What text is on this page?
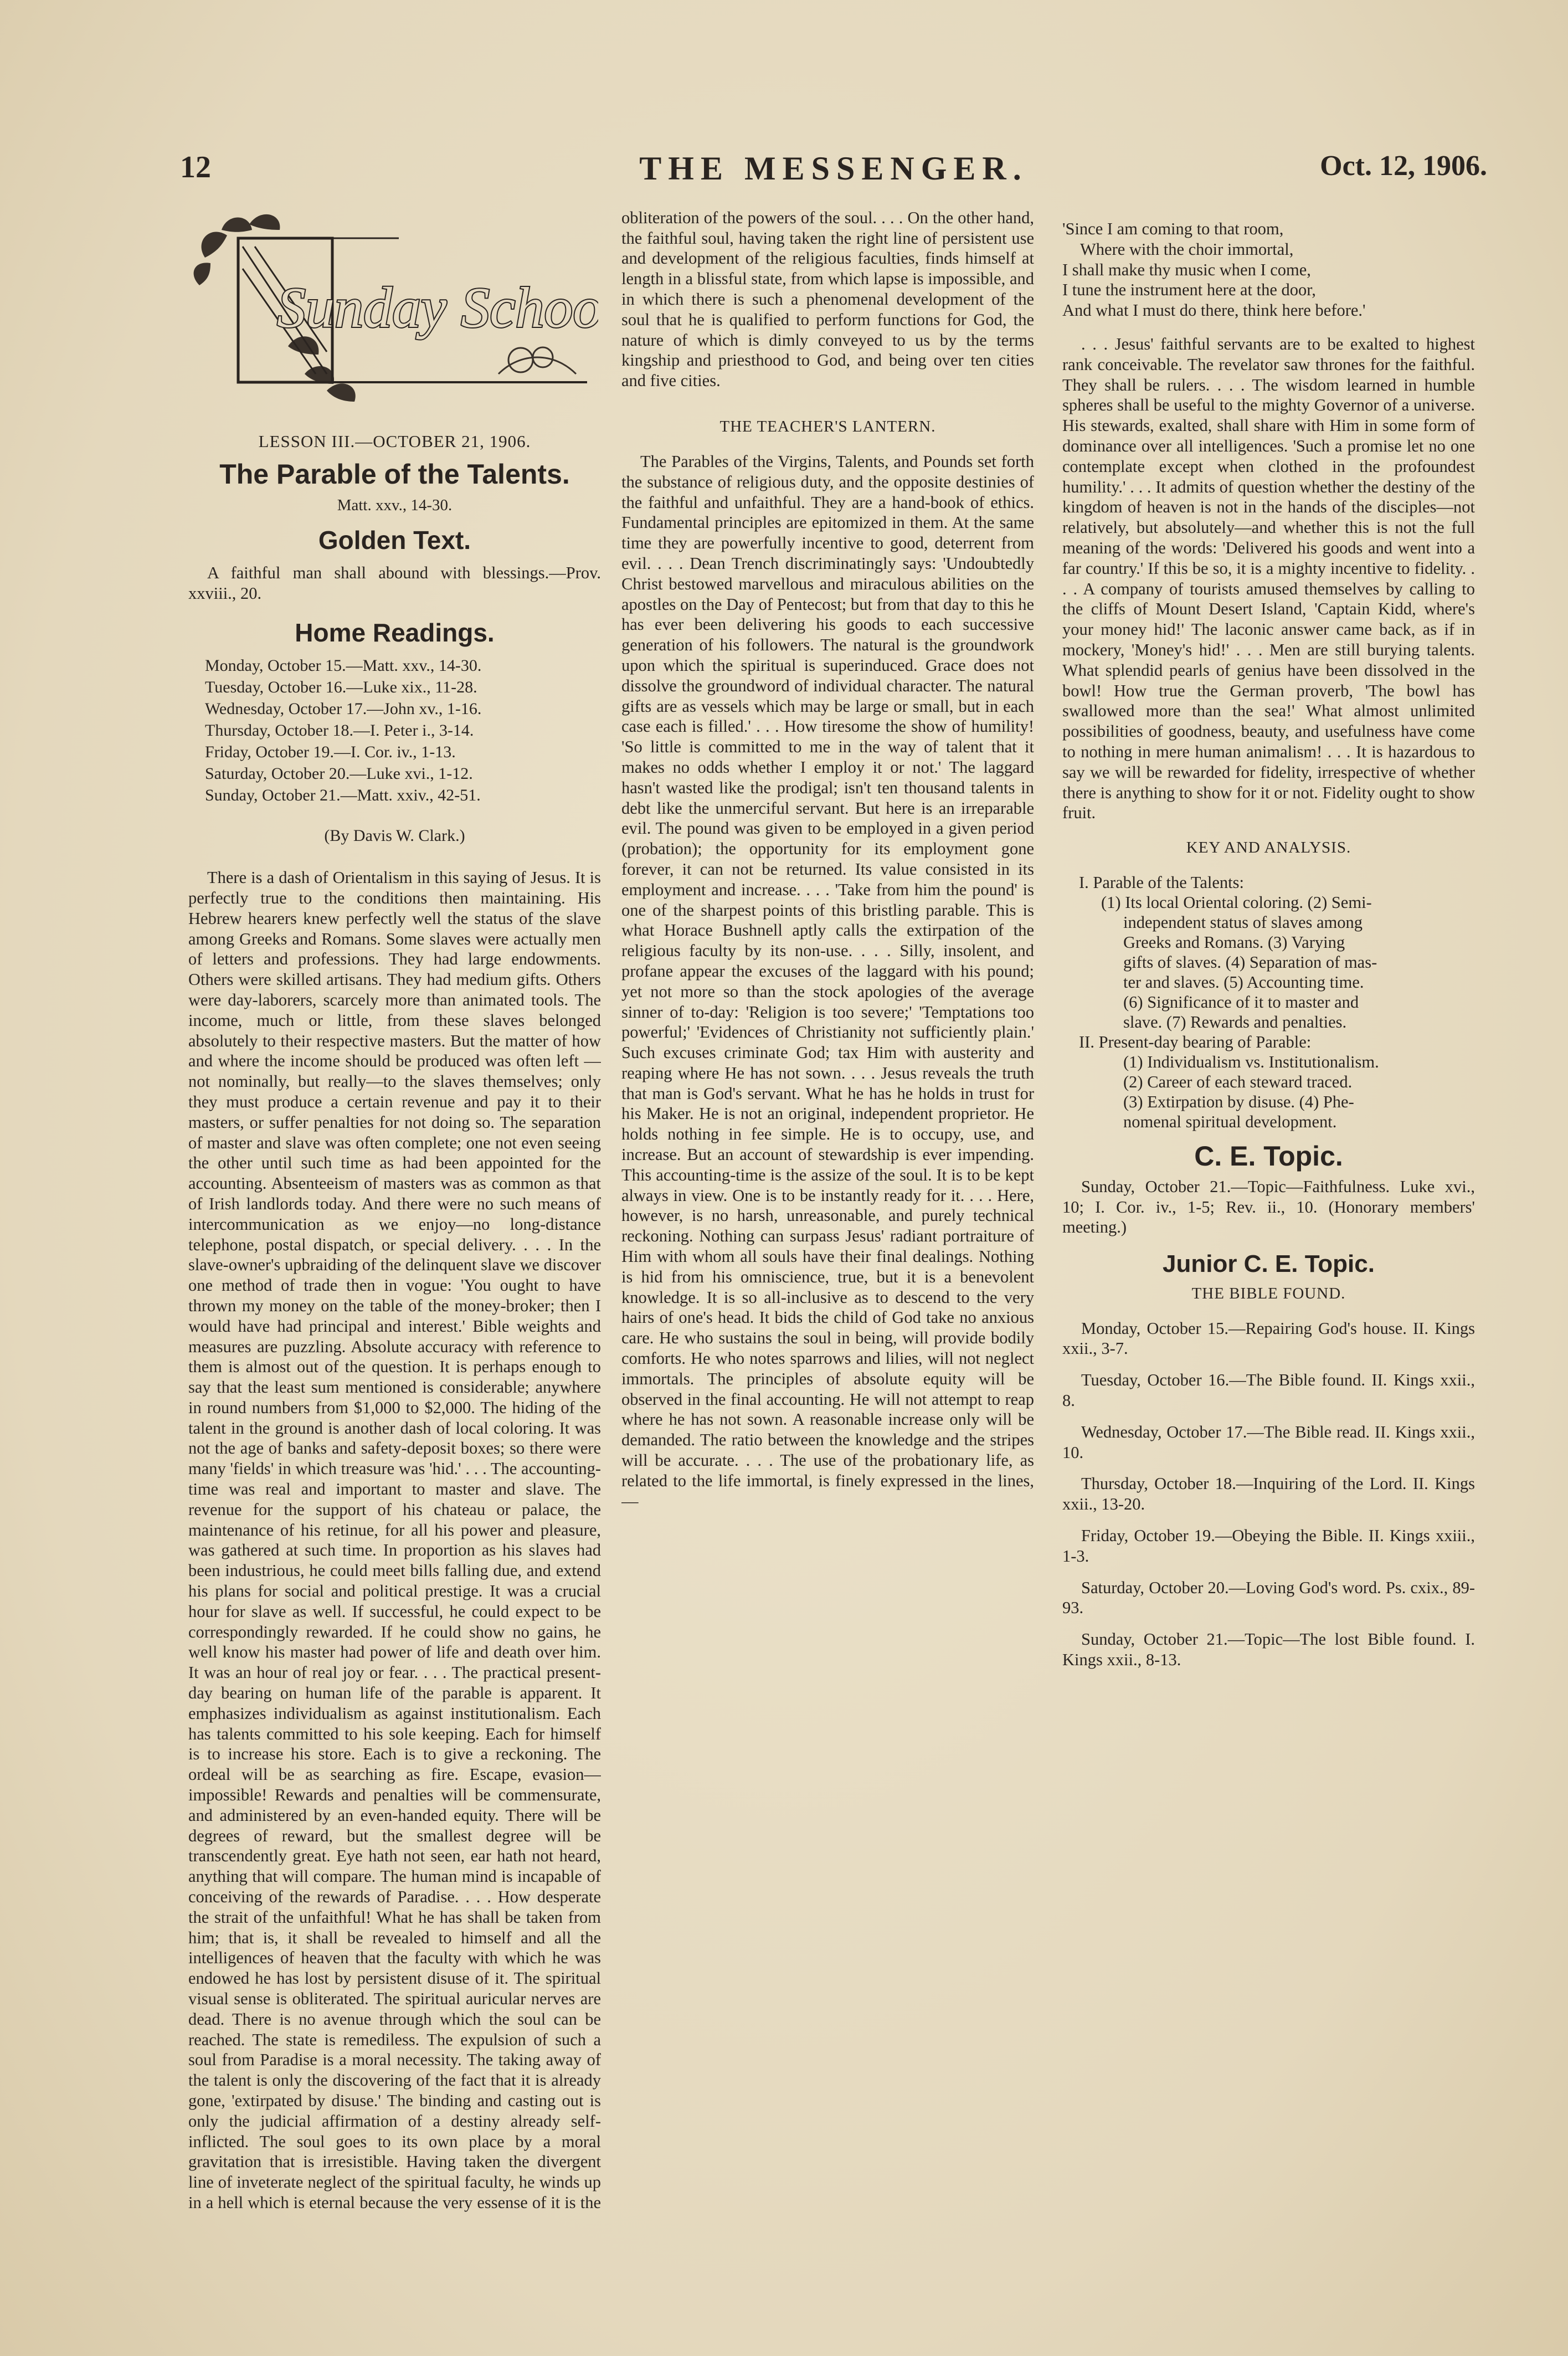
12	THE MESSENGER.	Oct. 12, 1906.
Sunday School
LESSON III.—OCTOBER 21, 1906.
The Parable of the Talents.
Matt. xxv., 14-30.
Golden Text.

A faithful man shall abound with blessings.—Prov. xxviii., 20.

Home Readings.
Monday, October 15.—Matt. xxv., 14-30.
Tuesday, October 16.—Luke xix., 11-28.
Wednesday, October 17.—John xv., 1-16.
Thursday, October 18.—I. Peter i., 3-14.
Friday, October 19.—I. Cor. iv., 1-13.
Saturday, October 20.—Luke xvi., 1-12.
Sunday, October 21.—Matt. xxiv., 42-51.
(By Davis W. Clark.)

There is a dash of Orientalism in this saying of Jesus. It is perfectly true to the conditions then maintaining. His Hebrew hearers knew perfectly well the status of the slave among Greeks and Romans. Some slaves were actually men of letters and professions. They had large endowments. Others were skilled artisans. They had medium gifts. Others were day-laborers, scarcely more than animated tools. The income, much or little, from these slaves belonged absolutely to their respective masters. But the matter of how and where the income should be produced was often left —not nominally, but really—to the slaves themselves; only they must produce a certain revenue and pay it to their masters, or suffer penalties for not doing so. The separation of master and slave was often complete; one not even seeing the other until such time as had been appointed for the accounting. Absenteeism of masters was as common as that of Irish landlords today. And there were no such means of intercommunication as we enjoy—no long-distance telephone, postal dispatch, or special delivery. . . . In the slave-owner's upbraiding of the delinquent slave we discover one method of trade then in vogue: 'You ought to have thrown my money on the table of the money-broker; then I would have had principal and interest.' Bible weights and measures are puzzling. Absolute accuracy with reference to them is almost out of the question. It is perhaps enough to say that the least sum mentioned is considerable; anywhere in round numbers from $1,000 to $2,000. The hiding of the talent in the ground is another dash of local coloring. It was not the age of banks and safety-deposit boxes; so there were many 'fields' in which treasure was 'hid.' . . . The accounting-time was real and important to master and slave. The revenue for the support of his chateau or palace, the maintenance of his retinue, for all his power and pleasure, was gathered at such time. In proportion as his slaves had been industrious, he could meet bills falling due, and extend his plans for social and political prestige. It was a crucial hour for slave as well. If successful, he could expect to be correspondingly rewarded. If he could show no gains, he well know his master had power of life and death over him. It was an hour of real joy or fear. . . . The practical present-day bearing on human life of the parable is apparent. It emphasizes individualism as against institutionalism. Each has talents committed to his sole keeping. Each for himself is to increase his store. Each is to give a reckoning. The ordeal will be as searching as fire. Escape, evasion—impossible! Rewards and penalties will be commensurate, and administered by an even-handed equity. There will be degrees of reward, but the smallest degree will be transcendently great. Eye hath not seen, ear hath not heard, anything that will compare. The human mind is incapable of conceiving of the rewards of Paradise. . . . How desperate the strait of the unfaithful! What he has shall be taken from him; that is, it shall be revealed to himself and all the intelligences of heaven that the faculty with which he was endowed he has lost by persistent disuse of it. The spiritual visual sense is obliterated. The spiritual auricular nerves are dead. There is no avenue through which the soul can be reached. The state is remediless. The expulsion of such a soul from Paradise is a moral necessity. The taking away of the talent is only the discovering of the fact that it is already gone, 'extirpated by disuse.' The binding and casting out is only the judicial affirmation of a destiny already self-inflicted. The soul goes to its own place by a moral gravitation that is irresistible. Having taken the divergent line of inveterate neglect of the spiritual faculty, he winds up in a hell which is eternal because the very essense of it is the

obliteration of the powers of the soul. . . . On the other hand, the faithful soul, having taken the right line of persistent use and development of the religious faculties, finds himself at length in a blissful state, from which lapse is impossible, and in which there is such a phenomenal development of the soul that he is qualified to perform functions for God, the nature of which is dimly conveyed to us by the terms kingship and priesthood to God, and being over ten cities and five cities.

'Since I am coming to that room,
Where with the choir immortal,
I shall make thy music when I come,
I tune the instrument here at the door,
And what I must do there, think here before.'

. . . Jesus' faithful servants are to be exalted to highest rank conceivable. The revelator saw thrones for the faithful. They shall be rulers. . . . The wisdom learned in humble spheres shall be useful to the mighty Governor of a universe. His stewards, exalted, shall share with Him in some form of dominance over all intelligences. 'Such a promise let no one contemplate except when clothed in the profoundest humility.' . . . It admits of question whether the destiny of the kingdom of heaven is not in the hands of the disciples—not relatively, but absolutely—and whether this is not the full meaning of the words: 'Delivered his goods and went into a far country.' If this be so, it is a mighty incentive to fidelity. . . . A company of tourists amused themselves by calling to the cliffs of Mount Desert Island, 'Captain Kidd, where's your money hid!' The laconic answer came back, as if in mockery, 'Money's hid!' . . . Men are still burying talents. What splendid pearls of genius have been dissolved in the bowl! How true the German proverb, 'The bowl has swallowed more than the sea!' What almost unlimited possibilities of goodness, beauty, and usefulness have come to nothing in mere human animalism! . . . It is hazardous to say we will be rewarded for fidelity, irrespective of whether there is anything to show for it or not. Fidelity ought to show fruit.

KEY AND ANALYSIS.
I. Parable of the Talents:
(1) Its local Oriental coloring. (2) Semi-
independent status of slaves among
Greeks and Romans. (3) Varying
gifts of slaves. (4) Separation of mas-
ter and slaves. (5) Accounting time.
(6) Significance of it to master and
slave. (7) Rewards and penalties.
II. Present-day bearing of Parable:
(1) Individualism vs. Institutionalism.
(2) Career of each steward traced.
(3) Extirpation by disuse. (4) Phe-
nomenal spiritual development.
C. E. Topic.

Sunday, October 21.—Topic—Faithfulness. Luke xvi., 10; I. Cor. iv., 1-5; Rev. ii., 10. (Honorary members' meeting.)

Junior C. E. Topic.
THE BIBLE FOUND.

Monday, October 15.—Repairing God's house. II. Kings xxii., 3-7.

Tuesday, October 16.—The Bible found. II. Kings xxii., 8.

Wednesday, October 17.—The Bible read. II. Kings xxii., 10.

Thursday, October 18.—Inquiring of the Lord. II. Kings xxii., 13-20.

Friday, October 19.—Obeying the Bible. II. Kings xxiii., 1-3.

Saturday, October 20.—Loving God's word. Ps. cxix., 89-93.

Sunday, October 21.—Topic—The lost Bible found. I. Kings xxii., 8-13.

THE TEACHER'S LANTERN.

The Parables of the Virgins, Talents, and Pounds set forth the substance of religious duty, and the opposite destinies of the faithful and unfaithful. They are a hand-book of ethics. Fundamental principles are epitomized in them. At the same time they are powerfully incentive to good, deterrent from evil. . . . Dean Trench discriminatingly says: 'Undoubtedly Christ bestowed marvellous and miraculous abilities on the apostles on the Day of Pentecost; but from that day to this he has ever been delivering his goods to each successive generation of his followers. The natural is the groundwork upon which the spiritual is superinduced. Grace does not dissolve the groundword of individual character. The natural gifts are as vessels which may be large or small, but in each case each is filled.' . . . How tiresome the show of humility! 'So little is committed to me in the way of talent that it makes no odds whether I employ it or not.' The laggard hasn't wasted like the prodigal; isn't ten thousand talents in debt like the unmerciful servant. But here is an irreparable evil. The pound was given to be employed in a given period (probation); the opportunity for its employment gone forever, it can not be returned. Its value consisted in its employment and increase. . . . 'Take from him the pound' is one of the sharpest points of this bristling parable. This is what Horace Bushnell aptly calls the extirpation of the religious faculty by its non-use. . . . Silly, insolent, and profane appear the excuses of the laggard with his pound; yet not more so than the stock apologies of the average sinner of to-day: 'Religion is too severe;' 'Temptations too powerful;' 'Evidences of Christianity not sufficiently plain.' Such excuses criminate God; tax Him with austerity and reaping where He has not sown. . . . Jesus reveals the truth that man is God's servant. What he has he holds in trust for his Maker. He is not an original, independent proprietor. He holds nothing in fee simple. He is to occupy, use, and increase. But an account of stewardship is ever impending. This accounting-time is the assize of the soul. It is to be kept always in view. One is to be instantly ready for it. . . . Here, however, is no harsh, unreasonable, and purely technical reckoning. Nothing can surpass Jesus' radiant portraiture of Him with whom all souls have their final dealings. Nothing is hid from his omniscience, true, but it is a benevolent knowledge. It is so all-inclusive as to descend to the very hairs of one's head. It bids the child of God take no anxious care. He who sustains the soul in being, will provide bodily comforts. He who notes sparrows and lilies, will not neglect immortals. The principles of absolute equity will be observed in the final accounting. He will not attempt to reap where he has not sown. A reasonable increase only will be demanded. The ratio between the knowledge and the stripes will be accurate. . . . The use of the probationary life, as related to the life immortal, is finely expressed in the lines,—
